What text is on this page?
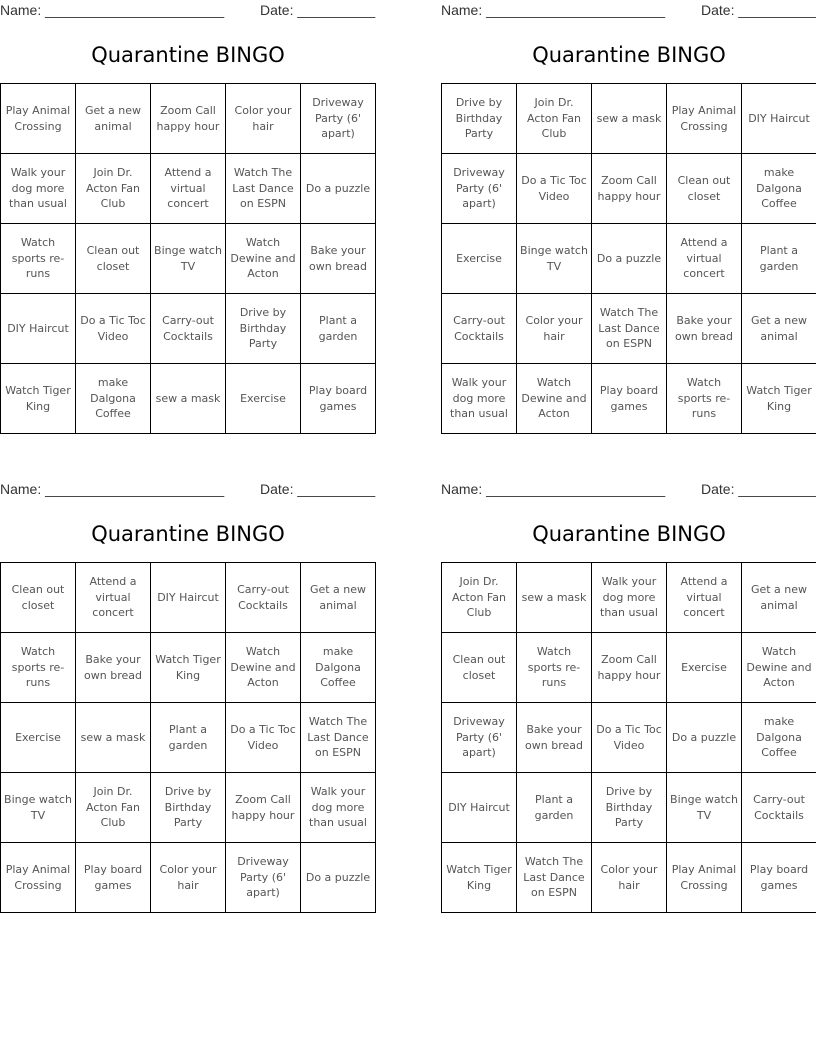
Name: _______________________	Date: __________
Quarantine BINGO
Play Animal Crossing	Get a new animal	Zoom Call happy hour	Color your hair	Driveway Party (6' apart)
Walk your dog more than usual	Join Dr. Acton Fan Club	Attend a virtual concert	Watch The Last Dance on ESPN	Do a puzzle
Watch sports re-runs	Clean out closet	Binge watch TV	Watch Dewine and Acton	Bake your own bread
DIY Haircut	Do a Tic Toc Video	Carry-out Cocktails	Drive by Birthday Party	Plant a garden
Watch Tiger King	make Dalgona Coffee	sew a mask	Exercise	Play board games
Name: _______________________	Date: __________
Quarantine BINGO
Drive by Birthday Party	Join Dr. Acton Fan Club	sew a mask	Play Animal Crossing	DIY Haircut
Driveway Party (6' apart)	Do a Tic Toc Video	Zoom Call happy hour	Clean out closet	make Dalgona Coffee
Exercise	Binge watch TV	Do a puzzle	Attend a virtual concert	Plant a garden
Carry-out Cocktails	Color your hair	Watch The Last Dance on ESPN	Bake your own bread	Get a new animal
Walk your dog more than usual	Watch Dewine and Acton	Play board games	Watch sports re-runs	Watch Tiger King
Name: _______________________	Date: __________
Quarantine BINGO
Clean out closet	Attend a virtual concert	DIY Haircut	Carry-out Cocktails	Get a new animal
Watch sports re-runs	Bake your own bread	Watch Tiger King	Watch Dewine and Acton	make Dalgona Coffee
Exercise	sew a mask	Plant a garden	Do a Tic Toc Video	Watch The Last Dance on ESPN
Binge watch TV	Join Dr. Acton Fan Club	Drive by Birthday Party	Zoom Call happy hour	Walk your dog more than usual
Play Animal Crossing	Play board games	Color your hair	Driveway Party (6' apart)	Do a puzzle
Name: _______________________	Date: __________
Quarantine BINGO
Join Dr. Acton Fan Club	sew a mask	Walk your dog more than usual	Attend a virtual concert	Get a new animal
Clean out closet	Watch sports re-runs	Zoom Call happy hour	Exercise	Watch Dewine and Acton
Driveway Party (6' apart)	Bake your own bread	Do a Tic Toc Video	Do a puzzle	make Dalgona Coffee
DIY Haircut	Plant a garden	Drive by Birthday Party	Binge watch TV	Carry-out Cocktails
Watch Tiger King	Watch The Last Dance on ESPN	Color your hair	Play Animal Crossing	Play board games
